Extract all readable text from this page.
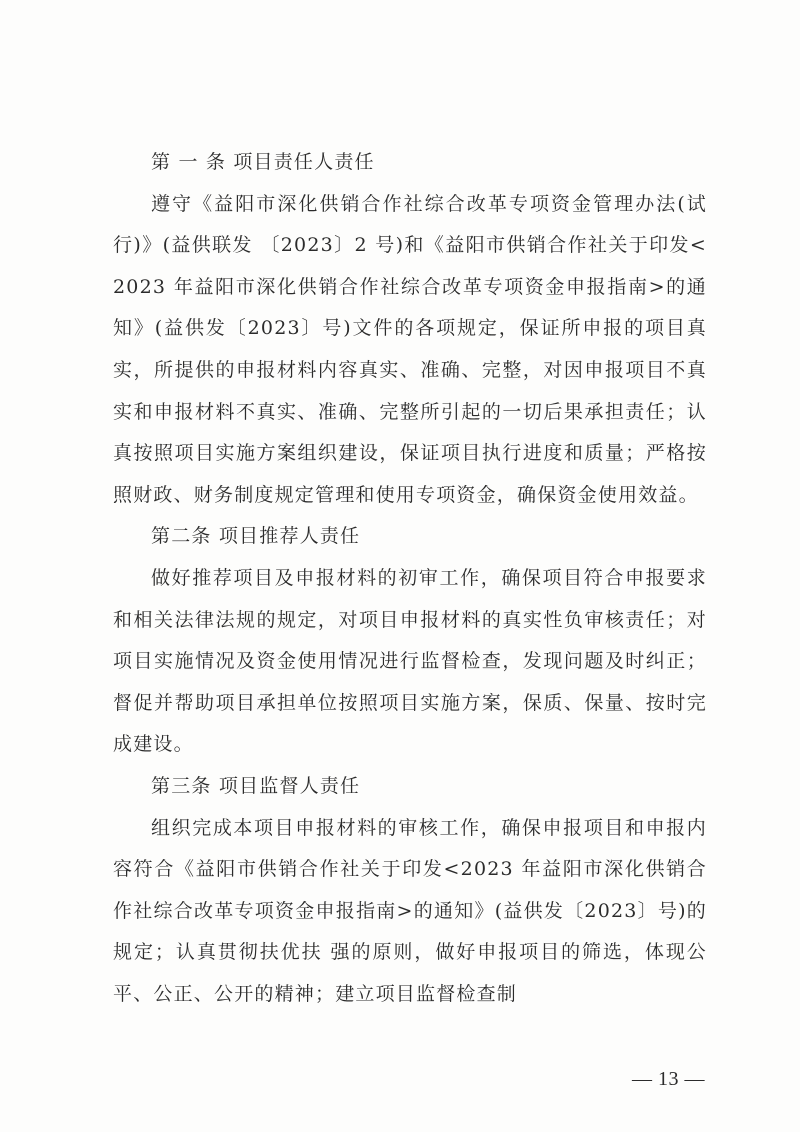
第 一 条 项目责任人责任

遵守《益阳市深化供销合作社综合改革专项资金管理办法(试行)》(益供联发 〔2023〕2 号)和《益阳市供销合作社关于印发<2023 年益阳市深化供销合作社综合改革专项资金申报指南>的通知》(益供发〔2023〕号)文件的各项规定，保证所申报的项目真实，所提供的申报材料内容真实、准确、完整，对因申报项目不真实和申报材料不真实、准确、完整所引起的一切后果承担责任；认真按照项目实施方案组织建设，保证项目执行进度和质量；严格按照财政、财务制度规定管理和使用专项资金，确保资金使用效益。

第二条 项目推荐人责任

做好推荐项目及申报材料的初审工作，确保项目符合申报要求和相关法律法规的规定，对项目申报材料的真实性负审核责任；对项目实施情况及资金使用情况进行监督检查，发现问题及时纠正；督促并帮助项目承担单位按照项目实施方案，保质、保量、按时完成建设。

第三条 项目监督人责任

组织完成本项目申报材料的审核工作，确保申报项目和申报内容符合《益阳市供销合作社关于印发<2023 年益阳市深化供销合作社综合改革专项资金申报指南>的通知》(益供发〔2023〕号)的规定；认真贯彻扶优扶 强的原则，做好申报项目的筛选，体现公平、公正、公开的精神；建立项目监督检查制

— 13 —
